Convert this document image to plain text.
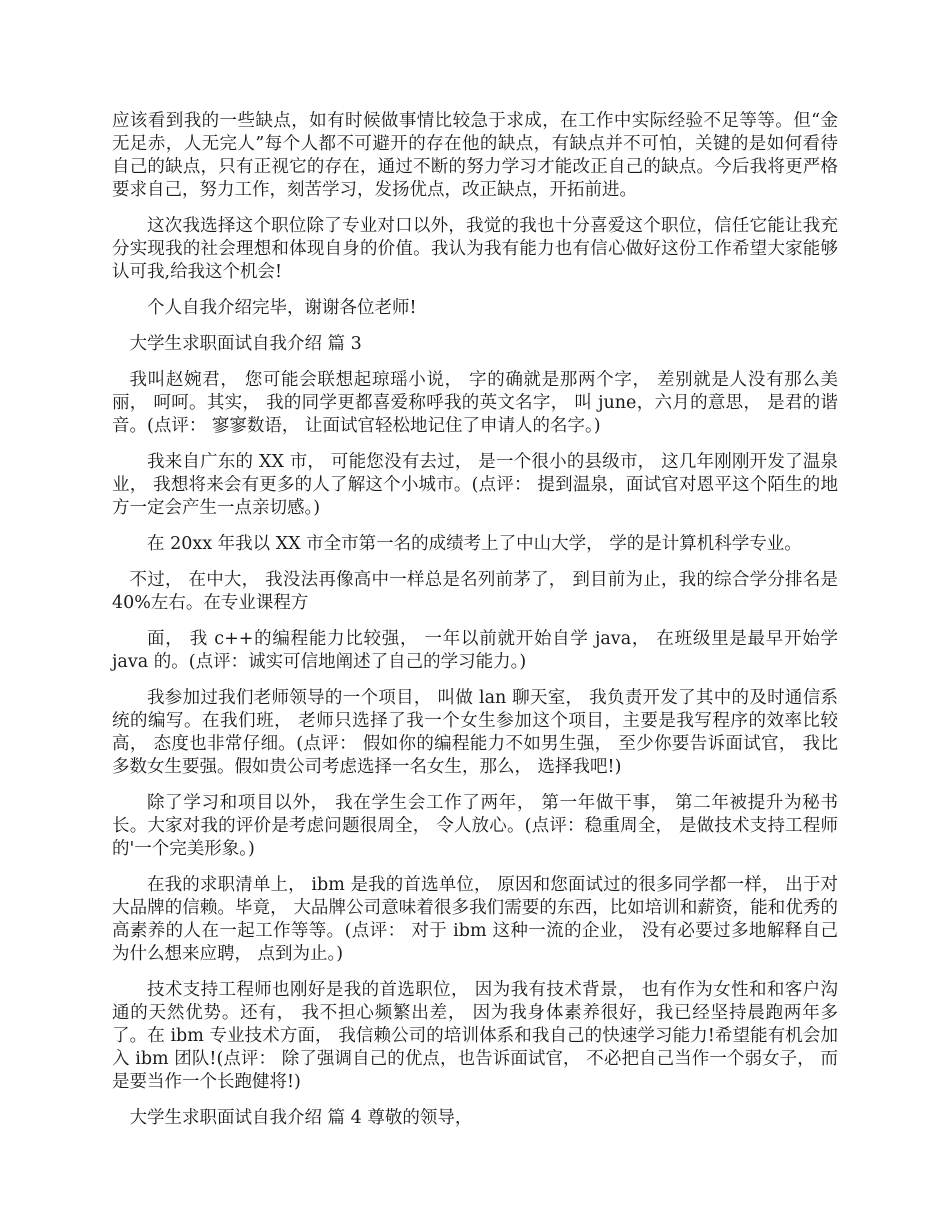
应该看到我的一些缺点，如有时候做事情比较急于求成，在工作中实际经验不足等等。但“金无足赤，人无完人”每个人都不可避开的存在他的缺点，有缺点并不可怕，关键的是如何看待自己的缺点，只有正视它的存在，通过不断的努力学习才能改正自己的缺点。今后我将更严格要求自己，努力工作，刻苦学习，发扬优点，改正缺点，开拓前进。

这次我选择这个职位除了专业对口以外，我觉的我也十分喜爱这个职位，信任它能让我充分实现我的社会理想和体现自身的价值。我认为我有能力也有信心做好这份工作希望大家能够认可我,给我这个机会!

个人自我介绍完毕，谢谢各位老师!

大学生求职面试自我介绍 篇 3

我叫赵婉君， 您可能会联想起琼瑶小说， 字的确就是那两个字， 差别就是人没有那么美丽， 呵呵。其实， 我的同学更都喜爱称呼我的英文名字， 叫 june，六月的意思， 是君的谐音。(点评： 寥寥数语， 让面试官轻松地记住了申请人的名字。)

我来自广东的 XX 市， 可能您没有去过， 是一个很小的县级市， 这几年刚刚开发了温泉业， 我想将来会有更多的人了解这个小城市。(点评： 提到温泉，面试官对恩平这个陌生的地方一定会产生一点亲切感。)

在 20xx 年我以 XX 市全市第一名的成绩考上了中山大学， 学的是计算机科学专业。

不过， 在中大， 我没法再像高中一样总是名列前茅了， 到目前为止，我的综合学分排名是 40%左右。在专业课程方

面， 我 c++的编程能力比较强， 一年以前就开始自学 java， 在班级里是最早开始学 java 的。(点评：诚实可信地阐述了自己的学习能力。)

我参加过我们老师领导的一个项目， 叫做 lan 聊天室， 我负责开发了其中的及时通信系统的编写。在我们班， 老师只选择了我一个女生参加这个项目，主要是我写程序的效率比较高， 态度也非常仔细。(点评： 假如你的编程能力不如男生强， 至少你要告诉面试官， 我比多数女生要强。假如贵公司考虑选择一名女生，那么， 选择我吧!)

除了学习和项目以外， 我在学生会工作了两年， 第一年做干事， 第二年被提升为秘书长。大家对我的评价是考虑问题很周全， 令人放心。(点评：稳重周全， 是做技术支持工程师的'一个完美形象。)

在我的求职清单上， ibm 是我的首选单位， 原因和您面试过的很多同学都一样， 出于对大品牌的信赖。毕竟， 大品牌公司意味着很多我们需要的东西，比如培训和薪资，能和优秀的高素养的人在一起工作等等。(点评： 对于 ibm 这种一流的企业， 没有必要过多地解释自己为什么想来应聘， 点到为止。)

技术支持工程师也刚好是我的首选职位， 因为我有技术背景， 也有作为女性和和客户沟通的天然优势。还有， 我不担心频繁出差， 因为我身体素养很好，我已经坚持晨跑两年多了。在 ibm 专业技术方面， 我信赖公司的培训体系和我自己的快速学习能力!希望能有机会加入 ibm 团队!(点评： 除了强调自己的优点，也告诉面试官， 不必把自己当作一个弱女子， 而是要当作一个长跑健将!)

大学生求职面试自我介绍 篇 4 尊敬的领导，
